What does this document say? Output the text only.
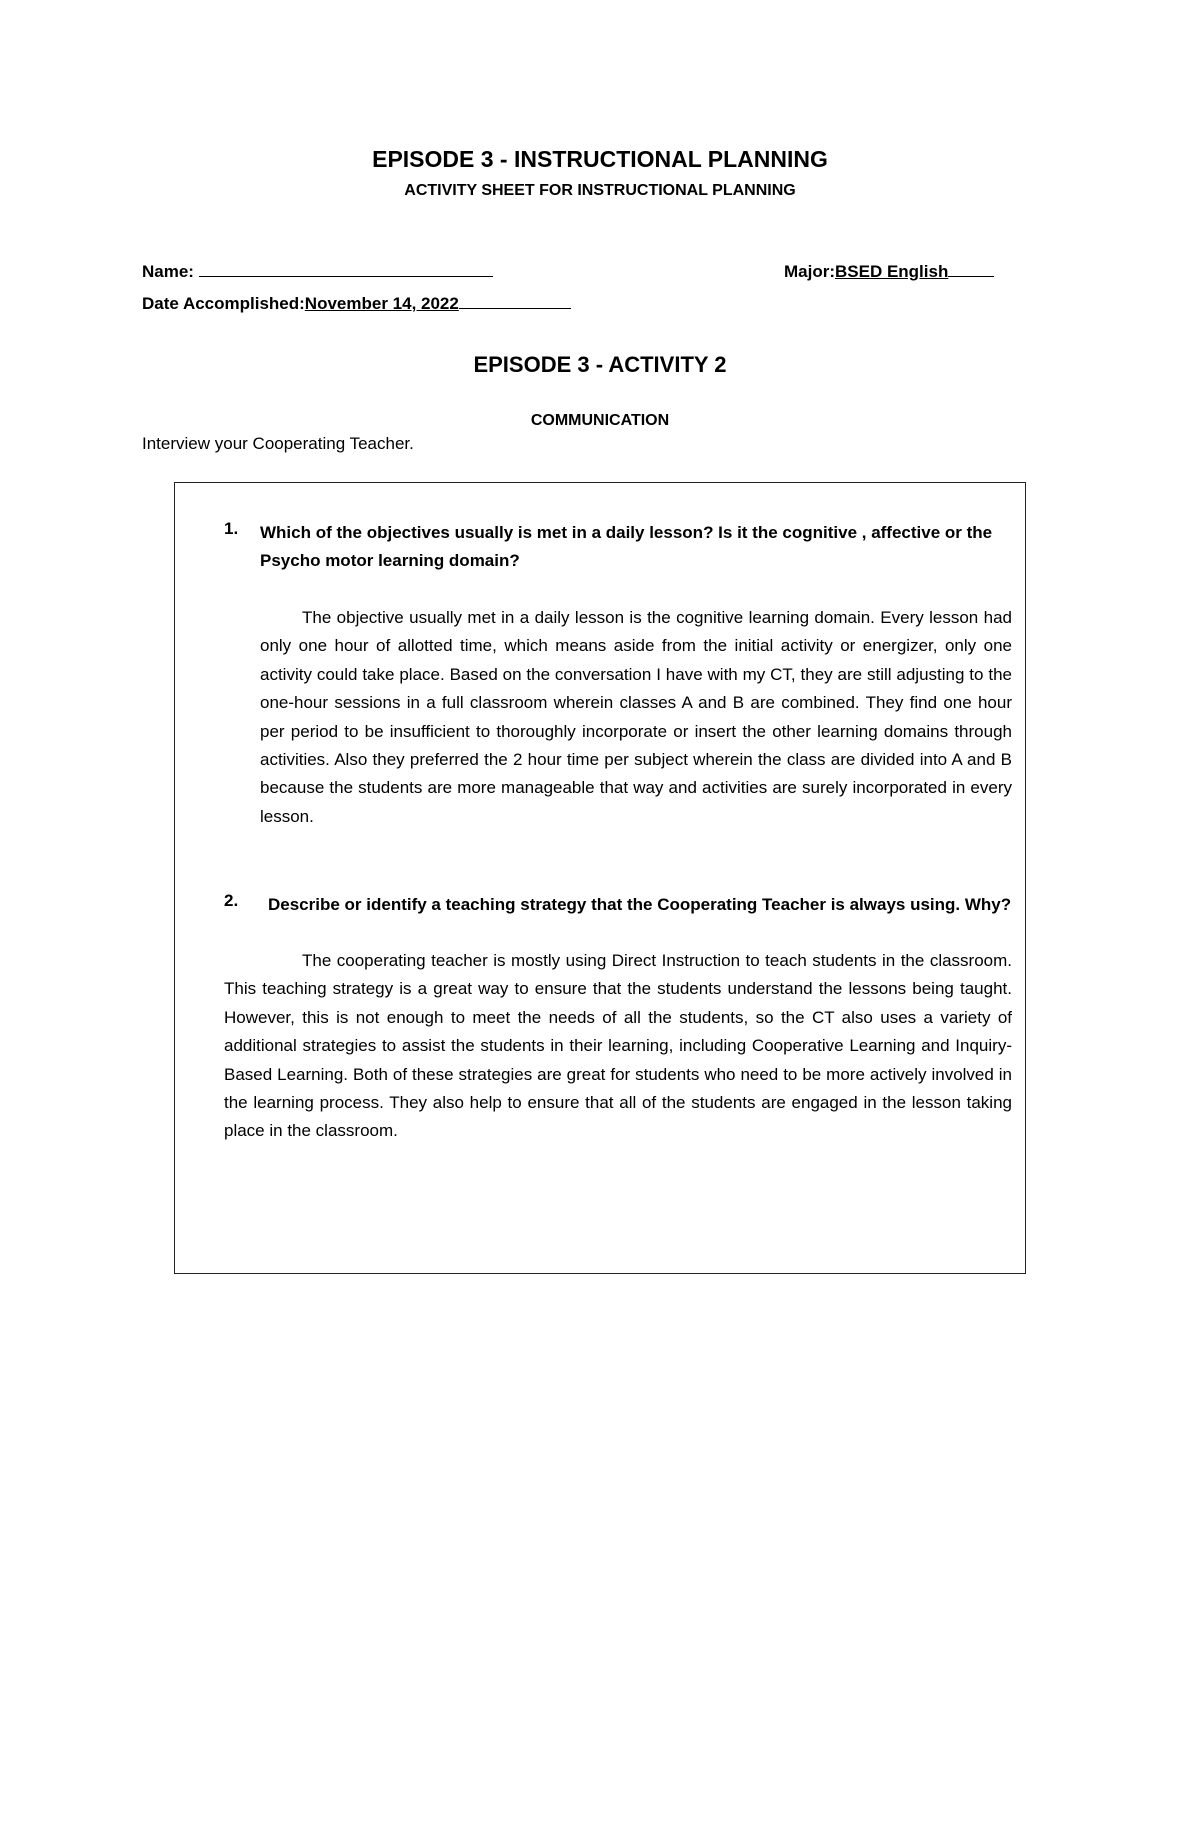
EPISODE 3 - INSTRUCTIONAL PLANNING
ACTIVITY SHEET FOR INSTRUCTIONAL PLANNING
Name:	Major:BSED English
Date Accomplished:November 14, 2022
EPISODE 3 - ACTIVITY 2
COMMUNICATION
Interview your Cooperating Teacher.
1. Which of the objectives usually is met in a daily lesson? Is it the cognitive , affective or the Psycho motor learning domain?
The objective usually met in a daily lesson is the cognitive learning domain. Every lesson had only one hour of allotted time, which means aside from the initial activity or energizer, only one activity could take place. Based on the conversation I have with my CT, they are still adjusting to the one-hour sessions in a full classroom wherein classes A and B are combined. They find one hour per period to be insufficient to thoroughly incorporate or insert the other learning domains through activities. Also they preferred the 2 hour time per subject wherein the class are divided into A and B because the students are more manageable that way and activities are surely incorporated in every lesson.
2. Describe or identify a teaching strategy that the Cooperating Teacher is always using. Why?
The cooperating teacher is mostly using Direct Instruction to teach students in the classroom. This teaching strategy is a great way to ensure that the students understand the lessons being taught. However, this is not enough to meet the needs of all the students, so the CT also uses a variety of additional strategies to assist the students in their learning, including Cooperative Learning and Inquiry-Based Learning. Both of these strategies are great for students who need to be more actively involved in the learning process. They also help to ensure that all of the students are engaged in the lesson taking place in the classroom.
